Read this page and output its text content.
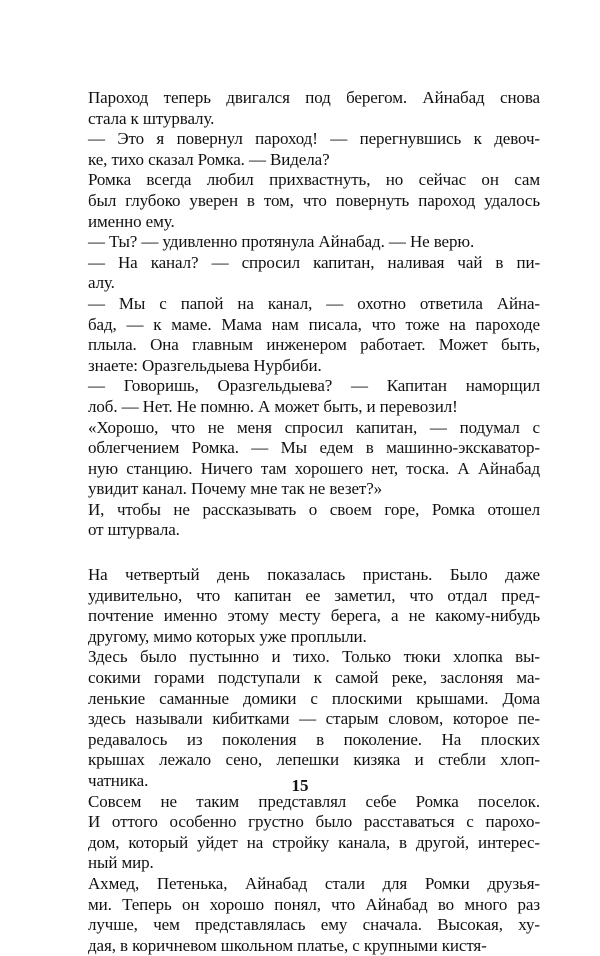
Пароход теперь двигался под берегом. Айнабад снова
стала к штурвалу.
— Это я повернул пароход! — перегнувшись к девоч-
ке, тихо сказал Ромка. — Видела?
Ромка всегда любил прихвастнуть, но сейчас он сам
был глубоко уверен в том, что повернуть пароход удалось
именно ему.
— Ты? — удивленно протянула Айнабад. — Не верю.
— На канал? — спросил капитан, наливая чай в пи-
алу.
— Мы с папой на канал, — охотно ответила Айна-
бад, — к маме. Мама нам писала, что тоже на пароходе
плыла. Она главным инженером работает. Может быть,
знаете: Оразгельдыева Нурбиби.
— Говоришь, Оразгельдыева? — Капитан наморщил
лоб. — Нет. Не помню. А может быть, и перевозил!
«Хорошо, что не меня спросил капитан, — подумал с
облегчением Ромка. — Мы едем в машинно-экскаватор-
ную станцию. Ничего там хорошего нет, тоска. А Айнабад
увидит канал. Почему мне так не везет?»
И, чтобы не рассказывать о своем горе, Ромка отошел
от штурвала.
На четвертый день показалась пристань. Было даже
удивительно, что капитан ее заметил, что отдал пред-
почтение именно этому месту берега, а не какому-нибудь
другому, мимо которых уже проплыли.
Здесь было пустынно и тихо. Только тюки хлопка вы-
сокими горами подступали к самой реке, заслоняя ма-
ленькие саманные домики с плоскими крышами. Дома
здесь называли кибитками — старым словом, которое пе-
редавалось из поколения в поколение. На плоских
крышах лежало сено, лепешки кизяка и стебли хлоп-
чатника.
Совсем не таким представлял себе Ромка поселок.
И оттого особенно грустно было расставаться с парохо-
дом, который уйдет на стройку канала, в другой, интерес-
ный мир.
Ахмед, Петенька, Айнабад стали для Ромки друзья-
ми. Теперь он хорошо понял, что Айнабад во много раз
лучше, чем представлялась ему сначала. Высокая, ху-
дая, в коричневом школьном платье, с крупными кистя-
15
